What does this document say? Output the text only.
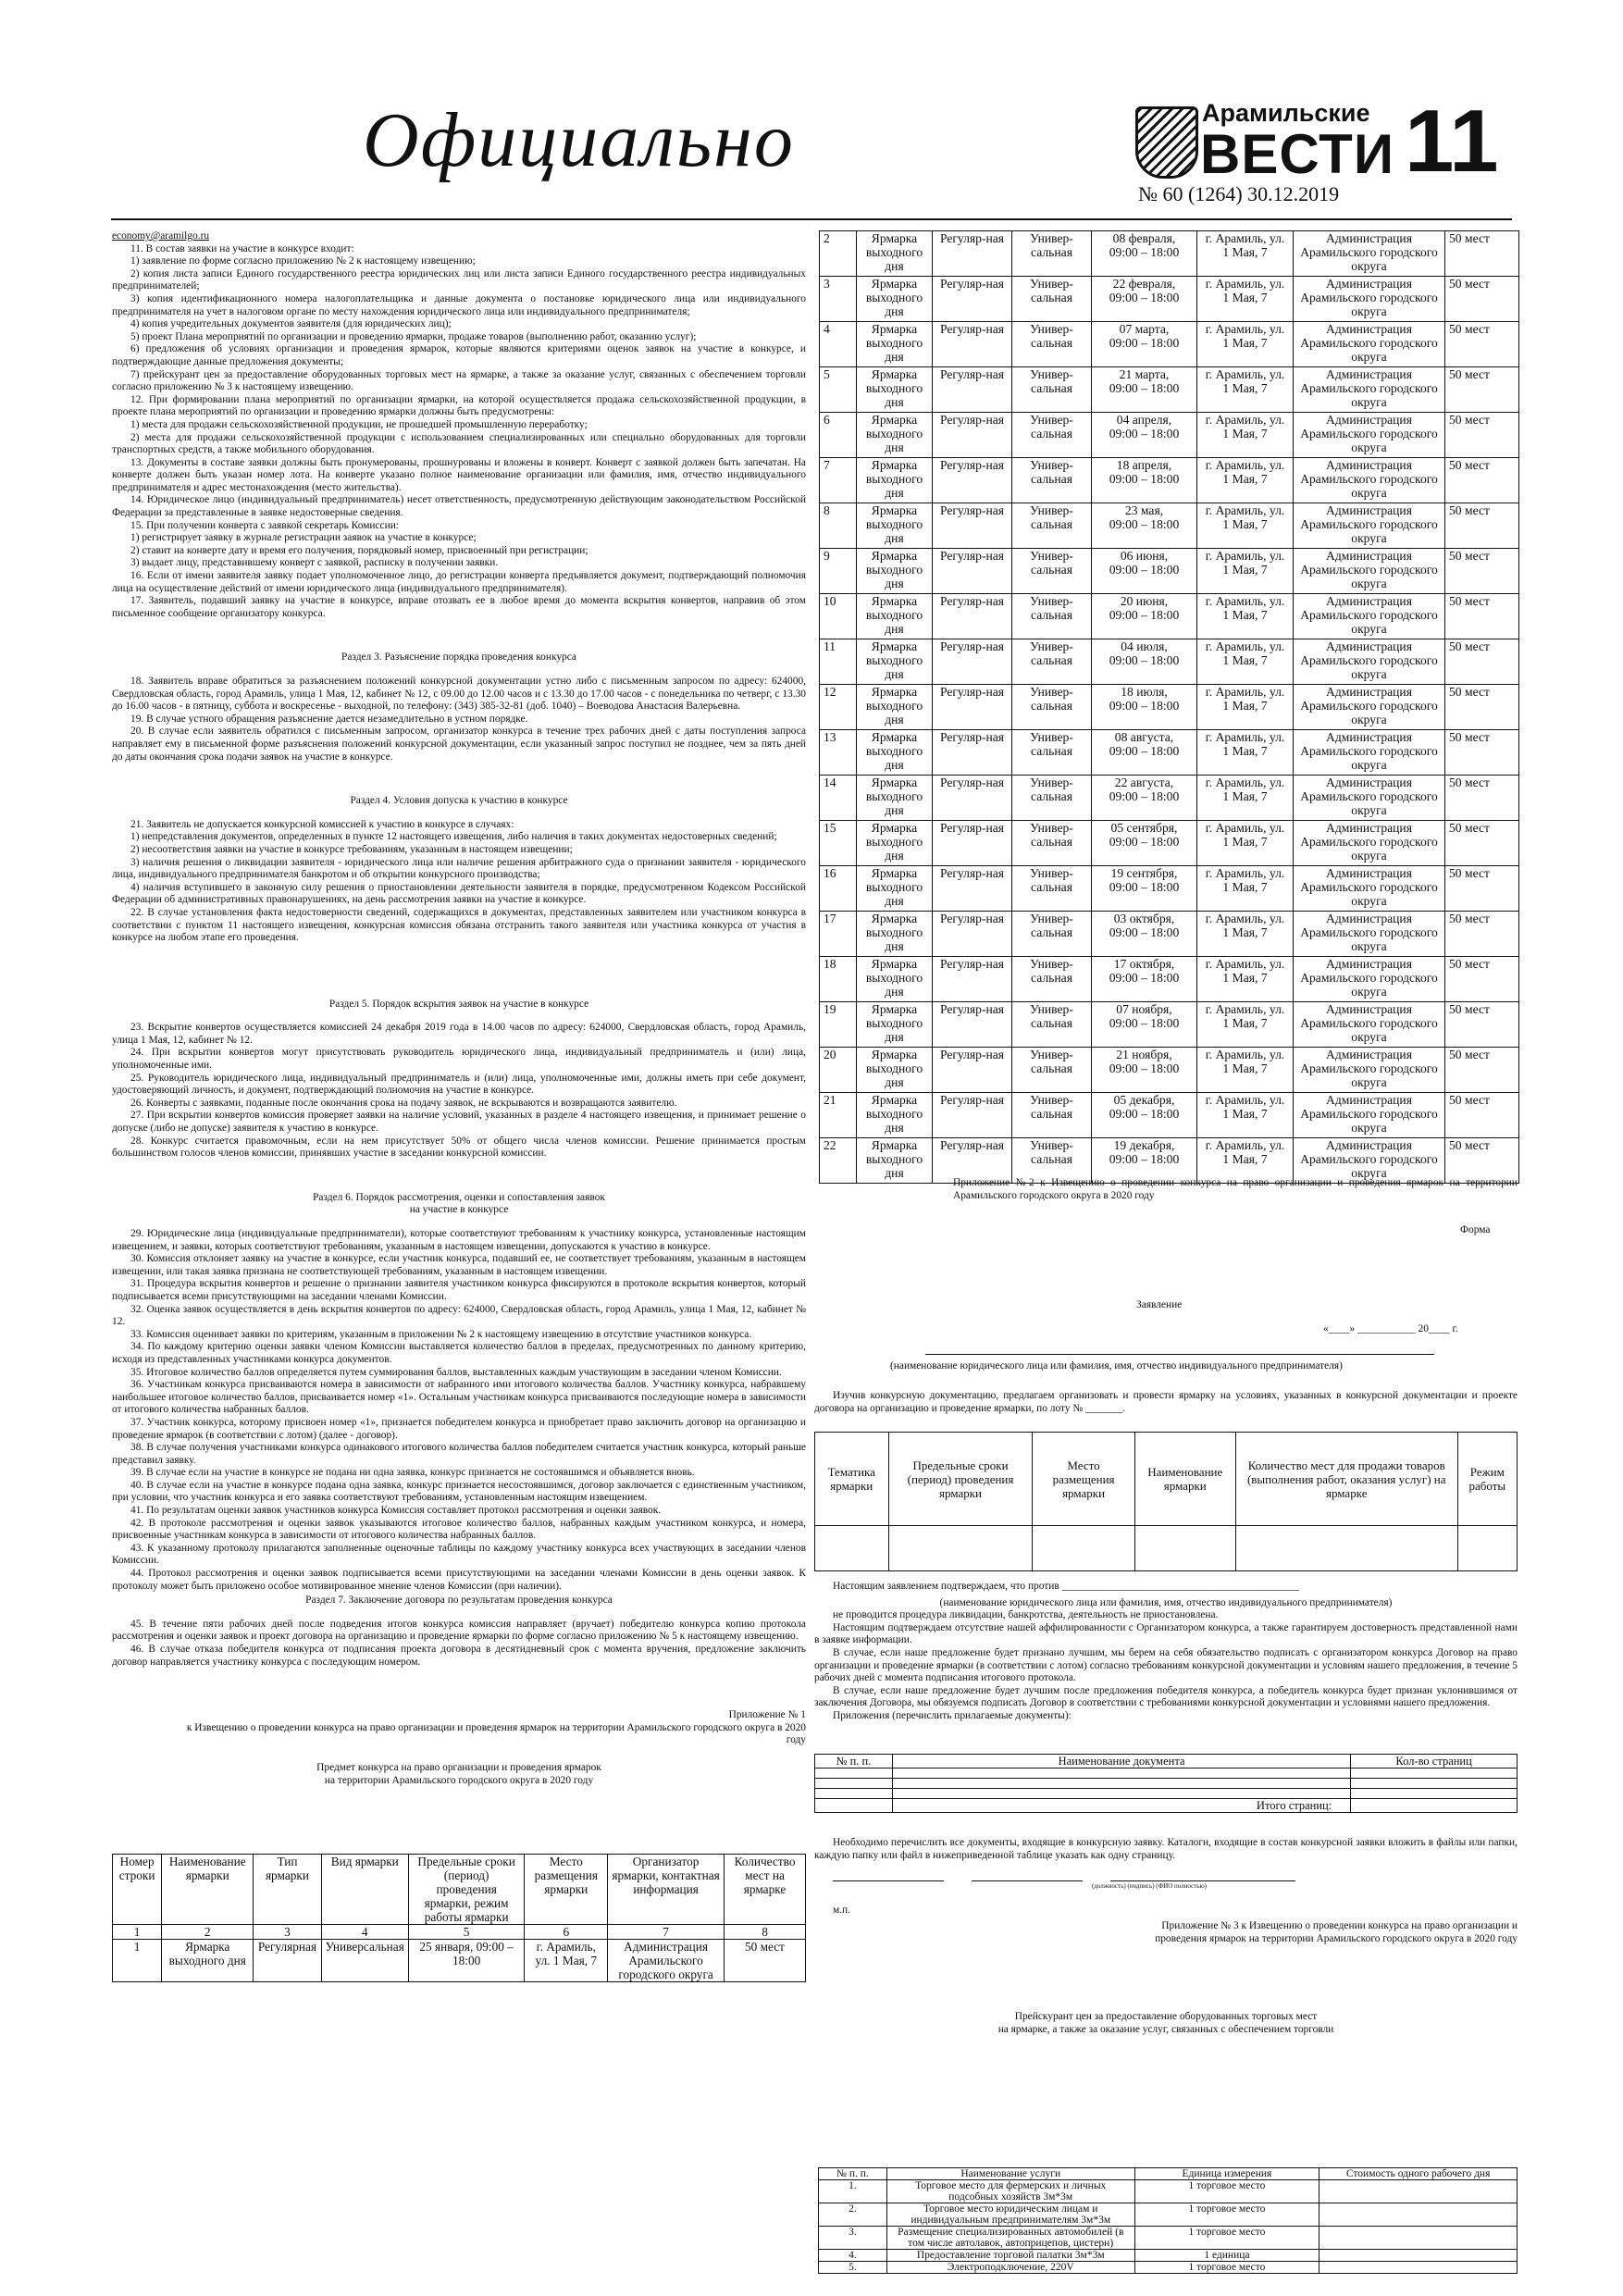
Официально	Арамильские
ВЕСТИ
№ 60 (1264) 30.12.2019
11
economy@aramilgo.ru

11. В состав заявки на участие в конкурсе входит:

1) заявление по форме согласно приложению № 2 к настоящему извещению;

2) копия листа записи Единого государственного реестра юридических лиц или листа записи Единого государственного реестра индивидуальных предпринимателей;

3) копия идентификационного номера налогоплательщика и данные документа о постановке юридического лица или индивидуального предпринимателя на учет в налоговом органе по месту нахождения юридического лица или индивидуального предпринимателя;

4) копия учредительных документов заявителя (для юридических лиц);

5) проект Плана мероприятий по организации и проведению ярмарки, продаже товаров (выполнению работ, оказанию услуг);

6) предложения об условиях организации и проведения ярмарок, которые являются критериями оценок заявок на участие в конкурсе, и подтверждающие данные предложения документы;

7) прейскурант цен за предоставление оборудованных торговых мест на ярмарке, а также за оказание услуг, связанных с обеспечением торговли согласно приложению № 3 к настоящему извещению.

12. При формировании плана мероприятий по организации ярмарки, на которой осуществляется продажа сельскохозяйственной продукции, в проекте плана мероприятий по организации и проведению ярмарки должны быть предусмотрены:

1) места для продажи сельскохозяйственной продукции, не прошедшей промышленную переработку;

2) места для продажи сельскохозяйственной продукции с использованием специализированных или специально оборудованных для торговли транспортных средств, а также мобильного оборудования.

13. Документы в составе заявки должны быть пронумерованы, прошнурованы и вложены в конверт. Конверт с заявкой должен быть запечатан. На конверте должен быть указан номер лота. На конверте указано полное наименование организации или фамилия, имя, отчество индивидуального предпринимателя и адрес местонахождения (место жительства).

14. Юридическое лицо (индивидуальный предприниматель) несет ответственность, предусмотренную действующим законодательством Российской Федерации за представленные в заявке недостоверные сведения.

15. При получении конверта с заявкой секретарь Комиссии:

1) регистрирует заявку в журнале регистрации заявок на участие в конкурсе;

2) ставит на конверте дату и время его получения, порядковый номер, присвоенный при регистрации;

3) выдает лицу, представившему конверт с заявкой, расписку в получении заявки.

16. Если от имени заявителя заявку подает уполномоченное лицо, до регистрации конверта предъявляется документ, подтверждающий полномочия лица на осуществление действий от имени юридического лица (индивидуального предпринимателя).

17. Заявитель, подавший заявку на участие в конкурсе, вправе отозвать ее в любое время до момента вскрытия конвертов, направив об этом письменное сообщение организатору конкурса.

Раздел 3. Разъяснение порядка проведения конкурса

18. Заявитель вправе обратиться за разъяснением положений конкурсной документации устно либо с письменным запросом по адресу: 624000, Свердловская область, город Арамиль, улица 1 Мая, 12, кабинет № 12, с 09.00 до 12.00 часов и с 13.30 до 17.00 часов - с понедельника по четверг, с 13.30 до 16.00 часов - в пятницу, суббота и воскресенье - выходной, по телефону: (343) 385-32-81 (доб. 1040) – Воеводова Анастасия Валерьевна.

19. В случае устного обращения разъяснение дается незамедлительно в устном порядке.

20. В случае если заявитель обратился с письменным запросом, организатор конкурса в течение трех рабочих дней с даты поступления запроса направляет ему в письменной форме разъяснения положений конкурсной документации, если указанный запрос поступил не позднее, чем за пять дней до даты окончания срока подачи заявок на участие в конкурсе.

Раздел 4. Условия допуска к участию в конкурсе

21. Заявитель не допускается конкурсной комиссией к участию в конкурсе в случаях:

1) непредставления документов, определенных в пункте 12 настоящего извещения, либо наличия в таких документах недостоверных сведений;

2) несоответствия заявки на участие в конкурсе требованиям, указанным в настоящем извещении;

3) наличия решения о ликвидации заявителя - юридического лица или наличие решения арбитражного суда о признании заявителя - юридического лица, индивидуального предпринимателя банкротом и об открытии конкурсного производства;

4) наличия вступившего в законную силу решения о приостановлении деятельности заявителя в порядке, предусмотренном Кодексом Российской Федерации об административных правонарушениях, на день рассмотрения заявки на участие в конкурсе.

22. В случае установления факта недостоверности сведений, содержащихся в документах, представленных заявителем или участником конкурса в соответствии с пунктом 11 настоящего извещения, конкурсная комиссия обязана отстранить такого заявителя или участника конкурса от участия в конкурсе на любом этапе его проведения.

Раздел 5. Порядок вскрытия заявок на участие в конкурсе

23. Вскрытие конвертов осуществляется комиссией 24 декабря 2019 года в 14.00 часов по адресу: 624000, Свердловская область, город Арамиль, улица 1 Мая, 12, кабинет № 12.

24. При вскрытии конвертов могут присутствовать руководитель юридического лица, индивидуальный предприниматель и (или) лица, уполномоченные ими.

25. Руководитель юридического лица, индивидуальный предприниматель и (или) лица, уполномоченные ими, должны иметь при себе документ, удостоверяющий личность, и документ, подтверждающий полномочия на участие в конкурсе.

26. Конверты с заявками, поданные после окончания срока на подачу заявок, не вскрываются и возвращаются заявителю.

27. При вскрытии конвертов комиссия проверяет заявки на наличие условий, указанных в разделе 4 настоящего извещения, и принимает решение о допуске (либо не допуске) заявителя к участию в конкурсе.

28. Конкурс считается правомочным, если на нем присутствует 50% от общего числа членов комиссии. Решение принимается простым большинством голосов членов комиссии, принявших участие в заседании конкурсной комиссии.

Раздел 6. Порядок рассмотрения, оценки и сопоставления заявок

на участие в конкурсе

29. Юридические лица (индивидуальные предприниматели), которые соответствуют требованиям к участнику конкурса, установленные настоящим извещением, и заявки, которых соответствуют требованиям, указанным в настоящем извещении, допускаются к участию в конкурсе.

30. Комиссия отклоняет заявку на участие в конкурсе, если участник конкурса, подавший ее, не соответствует требованиям, указанным в настоящем извещении, или такая заявка признана не соответствующей требованиям, указанным в настоящем извещении.

31. Процедура вскрытия конвертов и решение о признании заявителя участником конкурса фиксируются в протоколе вскрытия конвертов, который подписывается всеми присутствующими на заседании членами Комиссии.

32. Оценка заявок осуществляется в день вскрытия конвертов по адресу: 624000, Свердловская область, город Арамиль, улица 1 Мая, 12, кабинет № 12.

33. Комиссия оценивает заявки по критериям, указанным в приложении № 2 к настоящему извещению в отсутствие участников конкурса.

34. По каждому критерию оценки заявки членом Комиссии выставляется количество баллов в пределах, предусмотренных по данному критерию, исходя из представленных участниками конкурса документов.

35. Итоговое количество баллов определяется путем суммирования баллов, выставленных каждым участвующим в заседании членом Комиссии.

36. Участникам конкурса присваиваются номера в зависимости от набранного ими итогового количества баллов. Участнику конкурса, набравшему наибольшее итоговое количество баллов, присваивается номер «1». Остальным участникам конкурса присваиваются последующие номера в зависимости от итогового количества набранных баллов.

37. Участник конкурса, которому присвоен номер «1», признается победителем конкурса и приобретает право заключить договор на организацию и проведение ярмарок (в соответствии с лотом) (далее - договор).

38. В случае получения участниками конкурса одинакового итогового количества баллов победителем считается участник конкурса, который раньше представил заявку.

39. В случае если на участие в конкурсе не подана ни одна заявка, конкурс признается не состоявшимся и объявляется вновь.

40. В случае если на участие в конкурсе подана одна заявка, конкурс признается несостоявшимся, договор заключается с единственным участником, при условии, что участник конкурса и его заявка соответствуют требованиям, установленным настоящим извещением.

41. По результатам оценки заявок участников конкурса Комиссия составляет протокол рассмотрения и оценки заявок.

42. В протоколе рассмотрения и оценки заявок указываются итоговое количество баллов, набранных каждым участником конкурса, и номера, присвоенные участникам конкурса в зависимости от итогового количества набранных баллов.

43. К указанному протоколу прилагаются заполненные оценочные таблицы по каждому участнику конкурса всех участвующих в заседании членов Комиссии.

44. Протокол рассмотрения и оценки заявок подписывается всеми присутствующими на заседании членами Комиссии в день оценки заявок. К протоколу может быть приложено особое мотивированное мнение членов Комиссии (при наличии).

Раздел 7. Заключение договора по результатам проведения конкурса

45. В течение пяти рабочих дней после подведения итогов конкурса комиссия направляет (вручает) победителю конкурса копию протокола рассмотрения и оценки заявок и проект договора на организацию и проведение ярмарки по форме согласно приложению № 5 к настоящему извещению.

46. В случае отказа победителя конкурса от подписания проекта договора в десятидневный срок с момента вручения, предложение заключить договор направляется участнику конкурса с последующим номером.

Приложение № 1
к Извещению о проведении конкурса на право организации и проведения ярмарок на территории Арамильского городского округа в 2020 году
Предмет конкурса на право организации и проведения ярмарок
на территории Арамильского городского округа в 2020 году
Номер строки	Наименование ярмарки	Тип ярмарки	Вид ярмарки	Предельные сроки (период) проведения ярмарки, режим работы ярмарки	Место размещения ярмарки	Организатор ярмарки, контактная информация	Количество мест на ярмарке
1	2	3	4	5	6	7	8
1	Ярмарка выходного дня	Регулярная	Универсальная	25 января, 09:00 – 18:00	г. Арамиль, ул. 1 Мая, 7	Администрация Арамильского городского округа	50 мест
2	Ярмарка выходного дня	Регуляр-ная	Универ-сальная	08 февраля,
09:00 – 18:00	г. Арамиль, ул. 1 Мая, 7	Администрация Арамильского городского округа	50 мест
3	Ярмарка выходного дня	Регуляр-ная	Универ-сальная	22 февраля,
09:00 – 18:00	г. Арамиль, ул. 1 Мая, 7	Администрация Арамильского городского округа	50 мест
4	Ярмарка выходного дня	Регуляр-ная	Универ-сальная	07 марта,
09:00 – 18:00	г. Арамиль, ул. 1 Мая, 7	Администрация Арамильского городского округа	50 мест
5	Ярмарка выходного дня	Регуляр-ная	Универ-сальная	21 марта,
09:00 – 18:00	г. Арамиль, ул. 1 Мая, 7	Администрация Арамильского городского округа	50 мест
6	Ярмарка выходного дня	Регуляр-ная	Универ-сальная	04 апреля,
09:00 – 18:00	г. Арамиль, ул. 1 Мая, 7	Администрация Арамильского городского округа	50 мест
7	Ярмарка выходного дня	Регуляр-ная	Универ-сальная	18 апреля,
09:00 – 18:00	г. Арамиль, ул. 1 Мая, 7	Администрация Арамильского городского округа	50 мест
8	Ярмарка выходного дня	Регуляр-ная	Универ-сальная	23 мая,
09:00 – 18:00	г. Арамиль, ул. 1 Мая, 7	Администрация Арамильского городского округа	50 мест
9	Ярмарка выходного дня	Регуляр-ная	Универ-сальная	06 июня,
09:00 – 18:00	г. Арамиль, ул. 1 Мая, 7	Администрация Арамильского городского округа	50 мест
10	Ярмарка выходного дня	Регуляр-ная	Универ-сальная	20 июня,
09:00 – 18:00	г. Арамиль, ул. 1 Мая, 7	Администрация Арамильского городского округа	50 мест
11	Ярмарка выходного дня	Регуляр-ная	Универ-сальная	04 июля,
09:00 – 18:00	г. Арамиль, ул. 1 Мая, 7	Администрация Арамильского городского округа	50 мест
12	Ярмарка выходного дня	Регуляр-ная	Универ-сальная	18 июля,
09:00 – 18:00	г. Арамиль, ул. 1 Мая, 7	Администрация Арамильского городского округа	50 мест
13	Ярмарка выходного дня	Регуляр-ная	Универ-сальная	08 августа,
09:00 – 18:00	г. Арамиль, ул. 1 Мая, 7	Администрация Арамильского городского округа	50 мест
14	Ярмарка выходного дня	Регуляр-ная	Универ-сальная	22 августа,
09:00 – 18:00	г. Арамиль, ул. 1 Мая, 7	Администрация Арамильского городского округа	50 мест
15	Ярмарка выходного дня	Регуляр-ная	Универ-сальная	05 сентября,
09:00 – 18:00	г. Арамиль, ул. 1 Мая, 7	Администрация Арамильского городского округа	50 мест
16	Ярмарка выходного дня	Регуляр-ная	Универ-сальная	19 сентября,
09:00 – 18:00	г. Арамиль, ул. 1 Мая, 7	Администрация Арамильского городского округа	50 мест
17	Ярмарка выходного дня	Регуляр-ная	Универ-сальная	03 октября,
09:00 – 18:00	г. Арамиль, ул. 1 Мая, 7	Администрация Арамильского городского округа	50 мест
18	Ярмарка выходного дня	Регуляр-ная	Универ-сальная	17 октября,
09:00 – 18:00	г. Арамиль, ул. 1 Мая, 7	Администрация Арамильского городского округа	50 мест
19	Ярмарка выходного дня	Регуляр-ная	Универ-сальная	07 ноября,
09:00 – 18:00	г. Арамиль, ул. 1 Мая, 7	Администрация Арамильского городского округа	50 мест
20	Ярмарка выходного дня	Регуляр-ная	Универ-сальная	21 ноября,
09:00 – 18:00	г. Арамиль, ул. 1 Мая, 7	Администрация Арамильского городского округа	50 мест
21	Ярмарка выходного дня	Регуляр-ная	Универ-сальная	05 декабря,
09:00 – 18:00	г. Арамиль, ул. 1 Мая, 7	Администрация Арамильского городского округа	50 мест
22	Ярмарка выходного дня	Регуляр-ная	Универ-сальная	19 декабря,
09:00 – 18:00	г. Арамиль, ул. 1 Мая, 7	Администрация Арамильского городского округа	50 мест
Приложение №2 к Извещению о проведении конкурса на право организации и проведения ярмарок на территории Арамильского городского округа в 2020 году
Форма
Заявление
«____» ___________ 20____ г.
(наименование юридического лица или фамилия, имя, отчество индивидуального предпринимателя)

Изучив конкурсную документацию, предлагаем организовать и провести ярмарку на условиях, указанных в конкурсной документации и проекте договора на организацию и проведение ярмарки, по лоту № _______.

Тематика ярмарки	Предельные сроки (период) проведения ярмарки	Место размещения ярмарки	Наименование ярмарки	Количество мест для продажи товаров (выполнения работ, оказания услуг) на ярмарке	Режим работы

Настоящим заявлением подтверждаем, что против _____________________________________________

(наименование юридического лица или фамилия, имя, отчество индивидуального предпринимателя)

не проводится процедура ликвидации, банкротства, деятельность не приостановлена.

Настоящим подтверждаем отсутствие нашей аффилированности с Организатором конкурса, а также гарантируем достоверность представленной нами в заявке информации.

В случае, если наше предложение будет признано лучшим, мы берем на себя обязательство подписать с организатором конкурса Договор на право организации и проведение ярмарки (в соответствии с лотом) согласно требованиям конкурсной документации и условиям нашего предложения, в течение 5 рабочих дней с момента подписания итогового протокола.

В случае, если наше предложение будет лучшим после предложения победителя конкурса, а победитель конкурса будет признан уклонившимся от заключения Договора, мы обязуемся подписать Договор в соответствии с требованиями конкурсной документации и условиями нашего предложения.

Приложения (перечислить прилагаемые документы):

№ п. п.	Наименование документа	Кол-во страниц

	Итого страниц:	

Необходимо перечислить все документы, входящие в конкурсную заявку. Каталоги, входящие в состав конкурсной заявки вложить в файлы или папки, каждую папку или файл в нижеприведенной таблице указать как одну страницу.

(должность) (подпись) (ФИО полностью)
м.п.
Приложение № 3 к Извещению о проведении конкурса на право организации и проведения ярмарок на территории Арамильского городского округа в 2020 году
Прейскурант цен за предоставление оборудованных торговых мест
на ярмарке, а также за оказание услуг, связанных с обеспечением торговли
№ п. п.	Наименование услуги	Единица измерения	Стоимость одного рабочего дня
1.	Торговое место для фермерских и личных подсобных хозяйств 3м*3м	1 торговое место	
2.	Торговое место юридическим лицам и индивидуальным предпринимателям 3м*3м	1 торговое место	
3.	Размещение специализированных автомобилей (в том числе автолавок, автоприцепов, цистерн)	1 торговое место	
4.	Предоставление торговой палатки 3м*3м	1 единица	
5.	Электроподключение, 220V	1 торговое место	
